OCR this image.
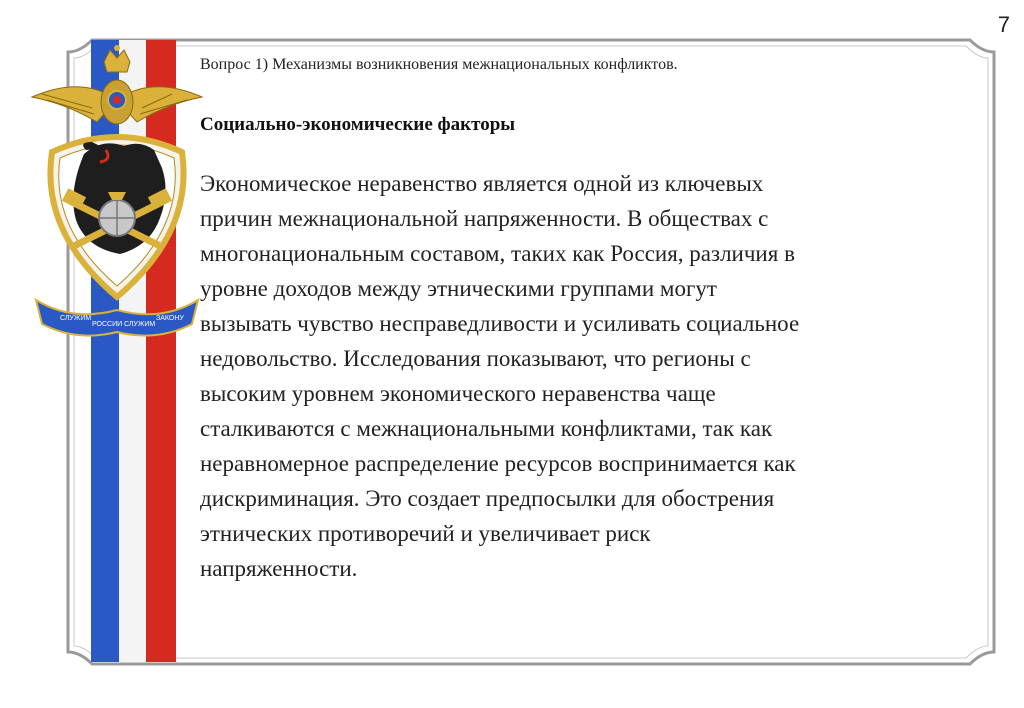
СЛУЖИМ
РОССИИ СЛУЖИМ
ЗАКОНУ
7

Вопрос 1) Механизмы возникновения межнациональных конфликтов.

Социально-экономические факторы

Экономическое неравенство является одной из ключевых
причин межнациональной напряженности. В обществах с
многонациональным составом, таких как Россия, различия в
уровне доходов между этническими группами могут
вызывать чувство несправедливости и усиливать социальное
недовольство. Исследования показывают, что регионы с
высоким уровнем экономического неравенства чаще
сталкиваются с межнациональными конфликтами, так как
неравномерное распределение ресурсов воспринимается как
дискриминация. Это создает предпосылки для обострения
этнических противоречий и увеличивает риск
напряженности.
